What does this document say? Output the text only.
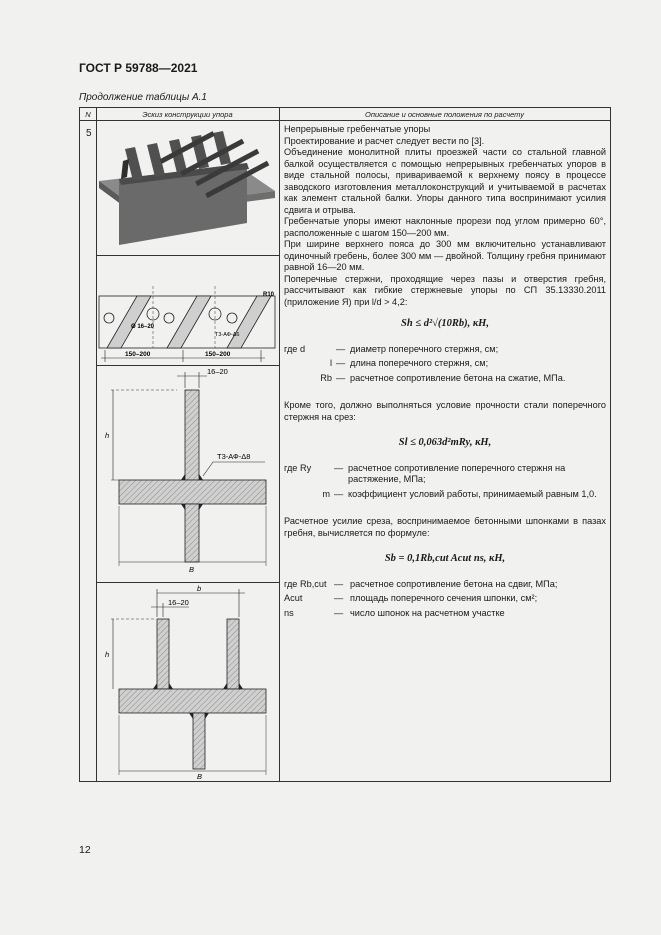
ГОСТ Р 59788—2021
Продолжение таблицы А.1
N	Эскиз конструкции упора	Описание и основные положения по расчету
5
150–200	150–200
Ø 16–20
Т3-АФ-Δ6
R10
16–20
h
Т3-АФ-Δ8
B
b
16–20
h
B

Непрерывные гребенчатые упоры

Проектирование и расчет следует вести по [3].

Объединение монолитной плиты проезжей части со стальной главной балкой осуществляется с помощью непрерывных гребенчатых упоров в виде стальной полосы, привариваемой к верхнему поясу в процессе заводского изготовления металлоконструкций и учитываемой в расчетах как элемент стальной балки. Упоры данного типа воспринимают усилия сдвига и отрыва.

Гребенчатые упоры имеют наклонные прорези под углом примерно 60°, расположенные с шагом 150—200 мм.

При ширине верхнего пояса до 300 мм включительно устанавливают одиночный гребень, более 300 мм — двойной. Толщину гребня принимают равной 16—20 мм.

Поперечные стержни, проходящие через пазы и отверстия гребня, рассчитывают как гибкие стержневые упоры по СП 35.13330.2011 (приложение Я) при l/d > 4,2:

Sh ≤ d²√(10Rb), кН,
где d	— диаметр поперечного стержня, см;
l — длина поперечного стержня, см;
Rb — расчетное сопротивление бетона на сжатие, МПа.

Кроме того, должно выполняться условие прочности стали поперечного стержня на срез:

Sl ≤ 0,063d²mRy, кН,
где Ry	— расчетное сопротивление поперечного стержня на растяжение, МПа;
m — коэффициент условий работы, принимаемый равным 1,0.

Расчетное усилие среза, воспринимаемое бетонными шпонками в пазах гребня, вычисляется по формуле:

Sb = 0,1Rb,cut Acut ns, кН,
где Rb,cut — расчетное сопротивление бетона на сдвиг, МПа;
Acut	— площадь поперечного сечения шпонки, см²;
ns	— число шпонок на расчетном участке
12
